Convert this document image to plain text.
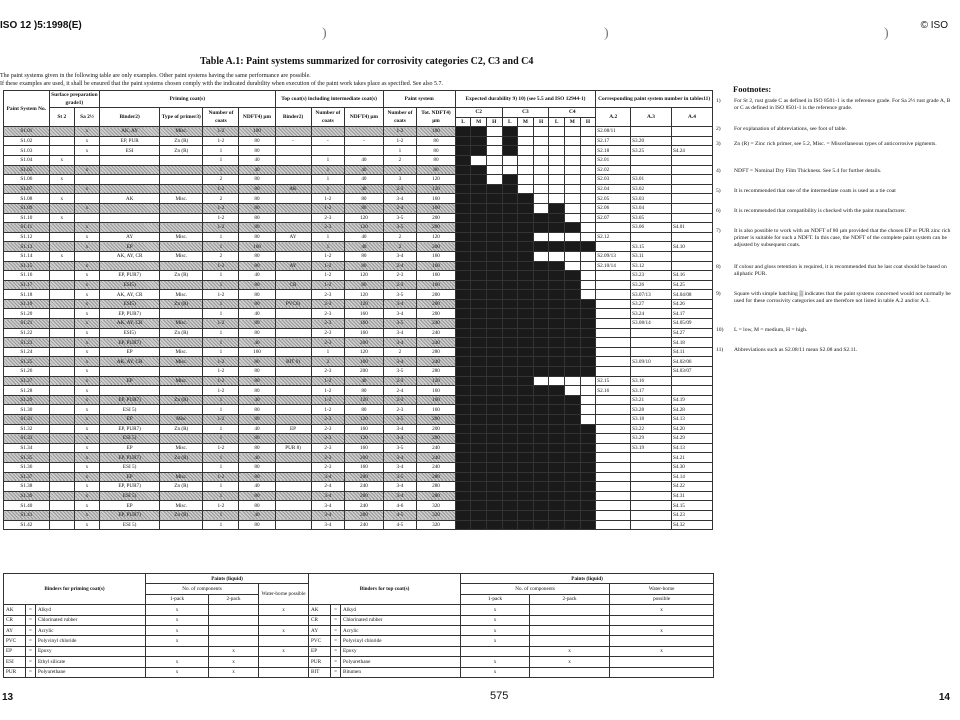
ISO 12 )5:1998(E)	© ISO
)	)	)
Table A.1: Paint systems summarized for corrosivity categories C2, C3 and C4
The paint systems given in the following table are only examples. Other paint systems having the same performance are possible.
If these examples are used, it shall be ensured that the paint systems chosen comply with the indicated durability when execution of the paint work takes place as specified. See also 5.7.
Paint System No.	Surface preparation grade1)		Priming coat(s)				Top coat(s) including intermediate coat(s)			Paint system		Expected durability 9) 10) (see 5.5 and ISO 12944-1)									Corresponding paint system number in tables11)		
	St 2	Sa 2½	Binder2)	Type of primer3)	Number of coats	NDFT4) µm	Binder2)	Number of coats	NDFT4) µm	Number of coats	Tot. NDFT4) µm	C2			C3			C4			A.2	A.3	A.4
												L	M	H	L	M	H	L	M	H			
S1.01		x	AK, AY	Misc.	1-2	100				1-2	100										S2.08/11		
S1.02		x	EP, PUR	Zn (R)	1-2	80	-	-	-	1-2	80										S2.17	S3.20	
S1.03		x	ESI	Zn (R)	1	80				1	80										S2.18	S3.25	S4.24
S1.04	x				1	40		1	40	2	80										S2.01		
S1.05		x			1	40		1	40	2	80										S2.02		
S1.06	x				2	80		1	40	3	120										S2.03	S3.01	
S1.07		x			1-2	80	AK	1	40	2-3	120										S2.04	S3.02	
S1.08	x		AK	Misc.	2	80		1-2	80	3-4	160										S2.05	S3.03	
S1.09		x			1-2	80		1-2	80	2-4	160										S2.06	S3.04	
S1.10	x				1-2	80		2-3	120	3-5	200										S2.07	S3.05	
S1.11		x			1-2	80		2-3	120	3-5	200											S3.06	S4.01
S1.12		x	AY	Misc.	1	80	AY	1	40	2	120										S2.12		
S1.13		x	EP		1	160		1	40	2	200											S3.15	S4.10
S1.14	x		AK, AY, CR	Misc.	2	80		1-2	80	3-4	160										S2.09/13	S3.11	
S1.15		x			1-2	80	AY	1-2	80	2-4	160										S2.10/14	S3.12	
S1.16		x	EP, PUR7)	Zn (R)	1	40		1-2	120	2-3	160											S3.23	S4.16
S1.17		x	ESI5)		1	80	CR	1-2	80	2-3	160											S3.26	S4.25
S1.18		x	AK, AY, CR	Misc.	1-2	80		2-3	120	3-5	200											S3.07/13	S4.04/08
S1.19		x	ESI5)	Zn (R)	1	80	PVC6)	2-3	120	3-4	200											S3.27	S4.26
S1.20		x	EP, PUR7)		1	40		2-3	160	3-4	200											S3.24	S4.17
S1.21		x	AK, AY, CR	Misc.	1-2	80		2-3	160	3-5	240											S3.08/14	S4.05/09
S1.22		x	ESI5)	Zn (R)	1	80		2-3	160	3-4	240												S4.27
S1.23		x	EP, PUR7)		1	40		2-3	200	3-4	240												S4.18
S1.24		x	EP	Misc.	1	160		1	120	2	280												S4.11
S1.25		x	AK, AY, CR	Misc.	1-2	80	BIT 6)	2	160	3-4	240											S3.09/10	S4.02/06
S1.26		x			1-2	80		2-3	200	3-5	280												S4.03/07
S1.27		x	EP	Misc.	1-2	80		1-2	40	2-3	120										S2.15	S3.16	
S1.28		x			1-2	80		1-2	80	2-4	160										S2.16	S3.17	
S1.29		x	EP, PUR7)	Zn (R)	1	40		1-2	120	2-3	160											S3.21	S4.19
S1.30		x	ESI 5)		1	80		1-2	80	2-3	160											S3.28	S4.28
S1.31		x	EP	Misc	1-2	80		2-3	120	3-5	200											S3.18	S4.13
S1.32		x	EP, PUR7)	Zn (R)	1	40	EP	2-3	160	3-4	200											S3.22	S4.20
S1.33		x	ESI 5)		1	80		2-3	120	3-4	200											S3.29	S4.29
S1.34		x	EP	Misc.	1-2	80	PUR 8)	2-3	160	3-5	240											S3.19	S4.13
S1.35		x	EP, PUR7)	Zn (R)	1	40		2-3	200	3-4	240												S4.21
S1.36		x	ESI 5)		1	80		2-3	160	3-4	240												S4.30
S1.37		x	EP	Misc.	1-2	80		3-4	200	3-5	280												S4.14
S1.38		x	EP, PUR7)	Zn (R)	1	40		2-4	240	3-4	280												S4.22
S1.39		x	ESI 5)		1	80		3-4	200	3-4	280												S4.31
S1.40		x	EP	Misc.	1-2	80		3-4	240	4-6	320												S4.15
S1.41		x	EP, PUR7)	Zn (R)	1	40		3-4	280	4-5	320												S4.23
S1.42		x	ESI 5)		1	80		3-4	240	4-5	320												S4.32
Binders for priming coat(s)			Paints (liquid)			Binders for top coat(s)			Paints (liquid)		
			No. of components		Water-borne possible				No. of components		Water-borne
			1-pack	2-pack					1-pack	2-pack	possible
AK	=	Alkyd	x		x	AK	=	Alkyd	x		x
CR	=	Chlorinated rubber	x			CR	=	Chlorinated rubber	x		
AY	=	Acrylic	x		x	AY	=	Acrylic	x		x
PVC	=	Polyvinyl chloride	x			PVC	=	Polyvinyl chloride	x		
EP	=	Epoxy		x	x	EP	=	Epoxy		x	x
ESI	=	Ethyl silicate	x	x		PUR	=	Polyurethane	x	x	
PUR	=	Polyurethane	x	x		BIT	=	Bitumen	x		
Footnotes:
1) For St 2, rust grade C as defined in ISO 8501-1 is the reference grade. For Sa 2½ rust grade A, B or C as defined in ISO 8501-1 is the reference grade.
2) For explanation of abbreviations, see foot of table.
3) Zn (R) = Zinc rich primer, see 5.2, Misc. = Miscellaneous types of anticorrosive pigments.
4) NDFT = Nominal Dry Film Thickness. See 5.4 for further details.
5) It is recommended that one of the intermediate coats is used as a tie coat
6) It is recommended that compatibility is checked with the paint manufacturer.
7) It is also possible to work with an NDFT of 80 µm provided that the chosen EP or PUR zinc rich primer is suitable for such a NDFT. In this case, the NDFT of the complete paint system can be adjusted by subsequent coats.
8) If colour and gloss retention is required, it is recommended that he last coat should be based on aliphatic PUR.
9) Square with simple hatching ▒ indicates that the paint systems concerned would not normally be used for these corrosivity categories and are therefore not listed in table A.2 and/or A.3.
10) L = low, M = medium, H = high.
11) Abbreviations such as S2.08/11 mean S2.08 and S2.11.
13	575	14
